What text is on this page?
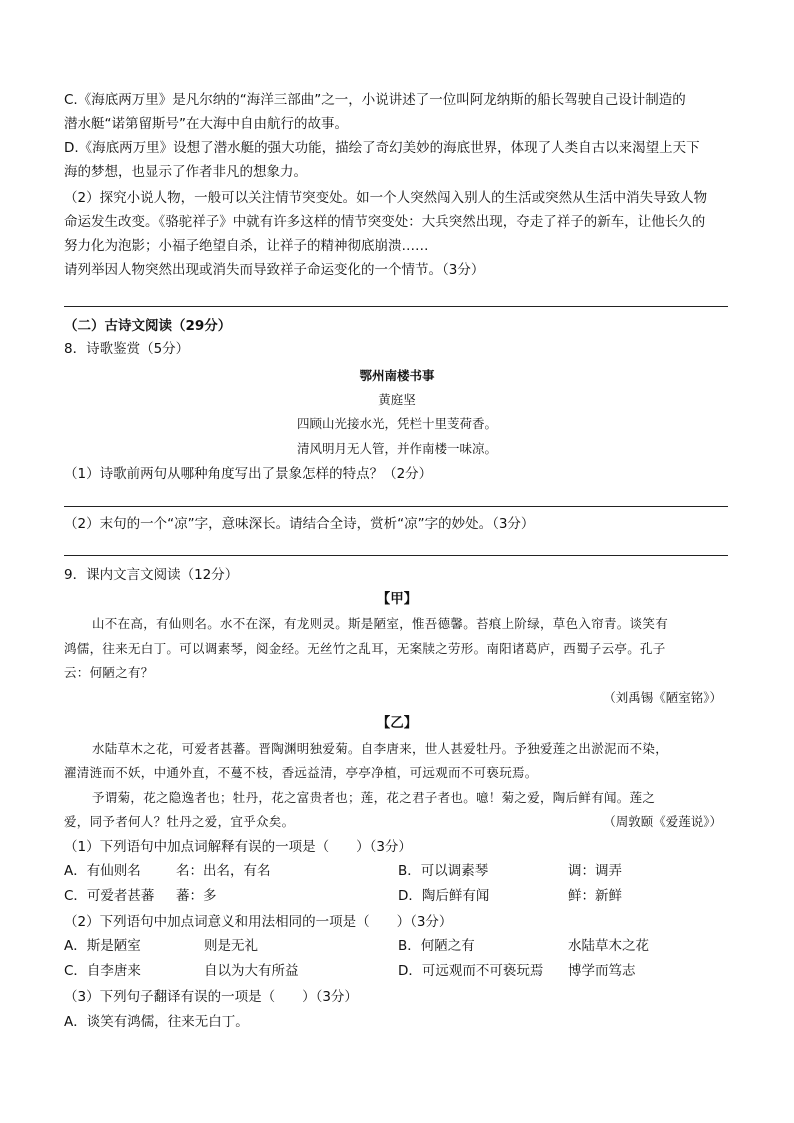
C.《海底两万里》是凡尔纳的“海洋三部曲”之一，小说讲述了一位叫阿龙纳斯的船长驾驶自己设计制造的
潜水艇“诺第留斯号”在大海中自由航行的故事。
D.《海底两万里》设想了潜水艇的强大功能，描绘了奇幻美妙的海底世界，体现了人类自古以来渴望上天下
海的梦想，也显示了作者非凡的想象力。
（2）探究小说人物，一般可以关注情节突变处。如一个人突然闯入别人的生活或突然从生活中消失导致人物
命运发生改变。《骆驼祥子》中就有许多这样的情节突变处：大兵突然出现，夺走了祥子的新车，让他长久的
努力化为泡影；小福子绝望自杀，让祥子的精神彻底崩溃……
请列举因人物突然出现或消失而导致祥子命运变化的一个情节。（3分）
（二）古诗文阅读（29分）
8．诗歌鉴赏（5分）
鄂州南楼书事
黄庭坚
四顾山光接水光，凭栏十里芰荷香。
清风明月无人管，并作南楼一味凉。
（1）诗歌前两句从哪种角度写出了景象怎样的特点？（2分）
（2）末句的一个“凉”字，意味深长。请结合全诗，赏析“凉”字的妙处。（3分）
9．课内文言文阅读（12分）
【甲】
山不在高，有仙则名。水不在深，有龙则灵。斯是陋室，惟吾德馨。苔痕上阶绿，草色入帘青。谈笑有
鸿儒，往来无白丁。可以调素琴，阅金经。无丝竹之乱耳，无案牍之劳形。南阳诸葛庐，西蜀子云亭。孔子
云：何陋之有？
（刘禹锡《陋室铭》）
【乙】
水陆草木之花，可爱者甚蕃。晋陶渊明独爱菊。自李唐来，世人甚爱牡丹。予独爱莲之出淤泥而不染，
濯清涟而不妖，中通外直，不蔓不枝，香远益清，亭亭净植，可远观而不可亵玩焉。
予谓菊，花之隐逸者也；牡丹，花之富贵者也；莲，花之君子者也。噫！菊之爱，陶后鲜有闻。莲之
爱，同予者何人？牡丹之爱，宜乎众矣。	（周敦颐《爱莲说》）
（1）下列语句中加点词解释有误的一项是（　　）（3分）
A．有仙则名	名：出名，有名	B．可以调素琴	调：调弄
C．可爱者甚蕃 蕃：多	D．陶后鲜有闻	鲜：新鲜
（2）下列语句中加点词意义和用法相同的一项是（　　）（3分）
A．斯是陋室	则是无礼	B．何陋之有	水陆草木之花
C．自李唐来	自以为大有所益	D．可远观而不可亵玩焉 博学而笃志
（3）下列句子翻译有误的一项是（　　）（3分）
A．谈笑有鸿儒，往来无白丁。
